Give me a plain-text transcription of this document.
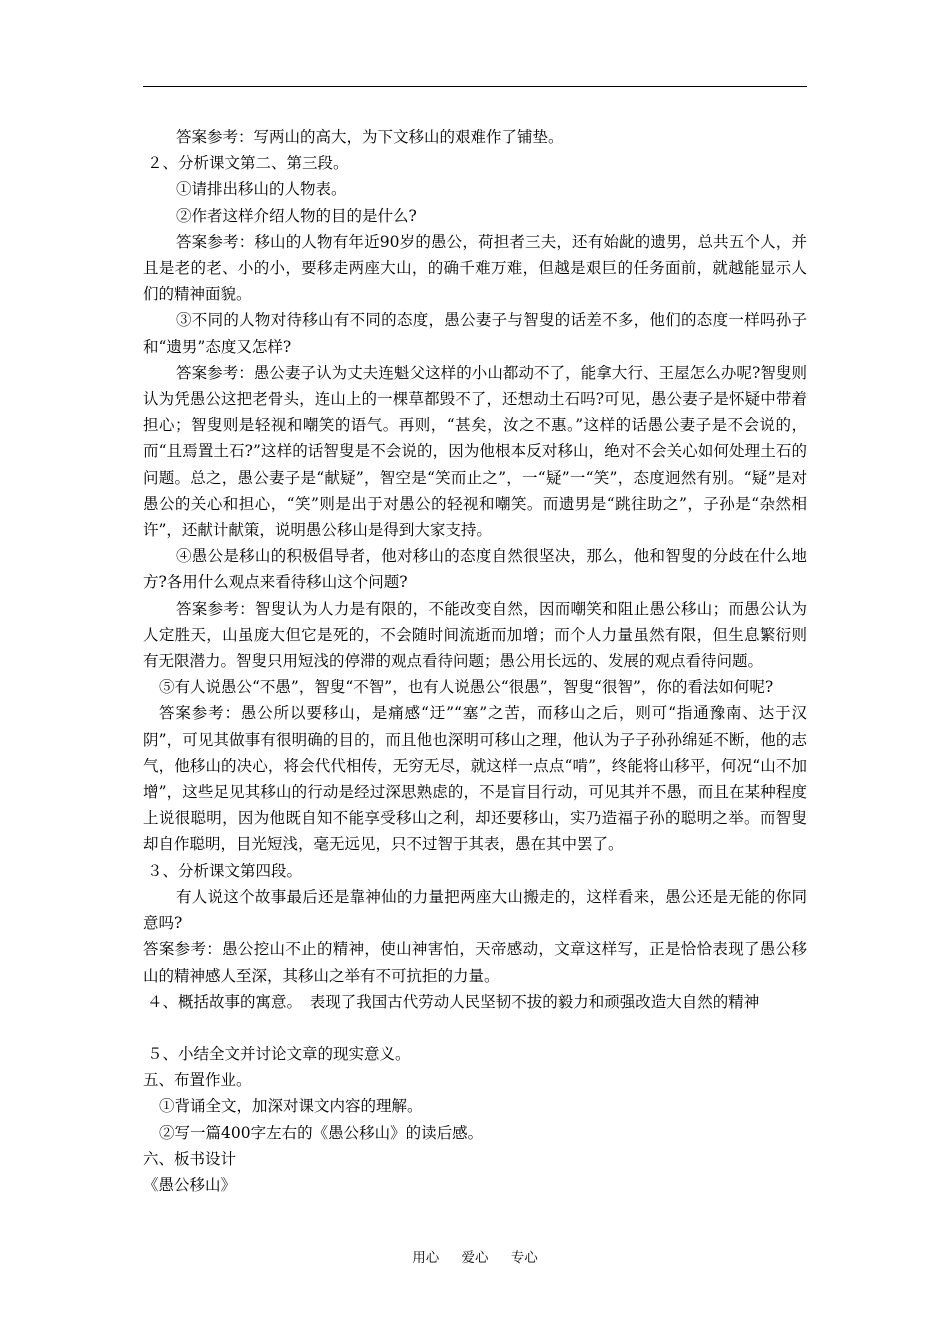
答案参考：写两山的高大，为下文移山的艰难作了铺垫。

２、分析课文第二、第三段。

①请排出移山的人物表。

②作者这样介绍人物的目的是什么?

答案参考：移山的人物有年近90岁的愚公，荷担者三夫，还有始龀的遗男，总共五个人，并且是老的老、小的小，要移走两座大山，的确千难万难，但越是艰巨的任务面前，就越能显示人们的精神面貌。

③不同的人物对待移山有不同的态度，愚公妻子与智叟的话差不多，他们的态度一样吗孙子和“遗男”态度又怎样?

答案参考：愚公妻子认为丈夫连魁父这样的小山都动不了，能拿大行、王屋怎么办呢?智叟则认为凭愚公这把老骨头，连山上的一棵草都毁不了，还想动土石吗?可见，愚公妻子是怀疑中带着担心；智叟则是轻视和嘲笑的语气。再则，“甚矣，汝之不惠。”这样的话愚公妻子是不会说的，而“且焉置土石?”这样的话智叟是不会说的，因为他根本反对移山，绝对不会关心如何处理土石的问题。总之，愚公妻子是“献疑”，智空是“笑而止之”，一“疑”一“笑”，态度迥然有别。“疑”是对愚公的关心和担心，“笑”则是出于对愚公的轻视和嘲笑。而遗男是“跳往助之”，子孙是“杂然相许”，还献计献策，说明愚公移山是得到大家支持。

④愚公是移山的积极倡导者，他对移山的态度自然很坚决，那么，他和智叟的分歧在什么地方?各用什么观点来看待移山这个问题?

答案参考：智叟认为人力是有限的，不能改变自然，因而嘲笑和阻止愚公移山；而愚公认为人定胜天，山虽庞大但它是死的，不会随时间流逝而加增；而个人力量虽然有限，但生息繁衍则有无限潜力。智叟只用短浅的停滞的观点看待问题；愚公用长远的、发展的观点看待问题。

⑤有人说愚公“不愚”，智叟“不智”，也有人说愚公“很愚”，智叟“很智”，你的看法如何呢?

答案参考：愚公所以要移山，是痛感“迂”“塞”之苦，而移山之后，则可“指通豫南、达于汉阴”，可见其做事有很明确的目的，而且他也深明可移山之理，他认为子子孙孙绵延不断，他的志气，他移山的决心，将会代代相传，无穷无尽，就这样一点点“啃”，终能将山移平，何况“山不加增”，这些足见其移山的行动是经过深思熟虑的，不是盲目行动，可见其并不愚，而且在某种程度上说很聪明，因为他既自知不能享受移山之利，却还要移山，实乃造福子孙的聪明之举。而智叟却自作聪明，目光短浅，毫无远见，只不过智于其表，愚在其中罢了。

３、分析课文第四段。

有人说这个故事最后还是靠神仙的力量把两座大山搬走的，这样看来，愚公还是无能的你同意吗?

答案参考：愚公挖山不止的精神，使山神害怕，天帝感动，文章这样写，正是恰恰表现了愚公移山的精神感人至深，其移山之举有不可抗拒的力量。

４、概括故事的寓意。　表现了我国古代劳动人民坚韧不拔的毅力和顽强改造大自然的精神

５、小结全文并讨论文章的现实意义。

五、布置作业。

①背诵全文，加深对课文内容的理解。

②写一篇400字左右的《愚公移山》的读后感。

六、板书设计

《愚公移山》

用心 爱心 专心
